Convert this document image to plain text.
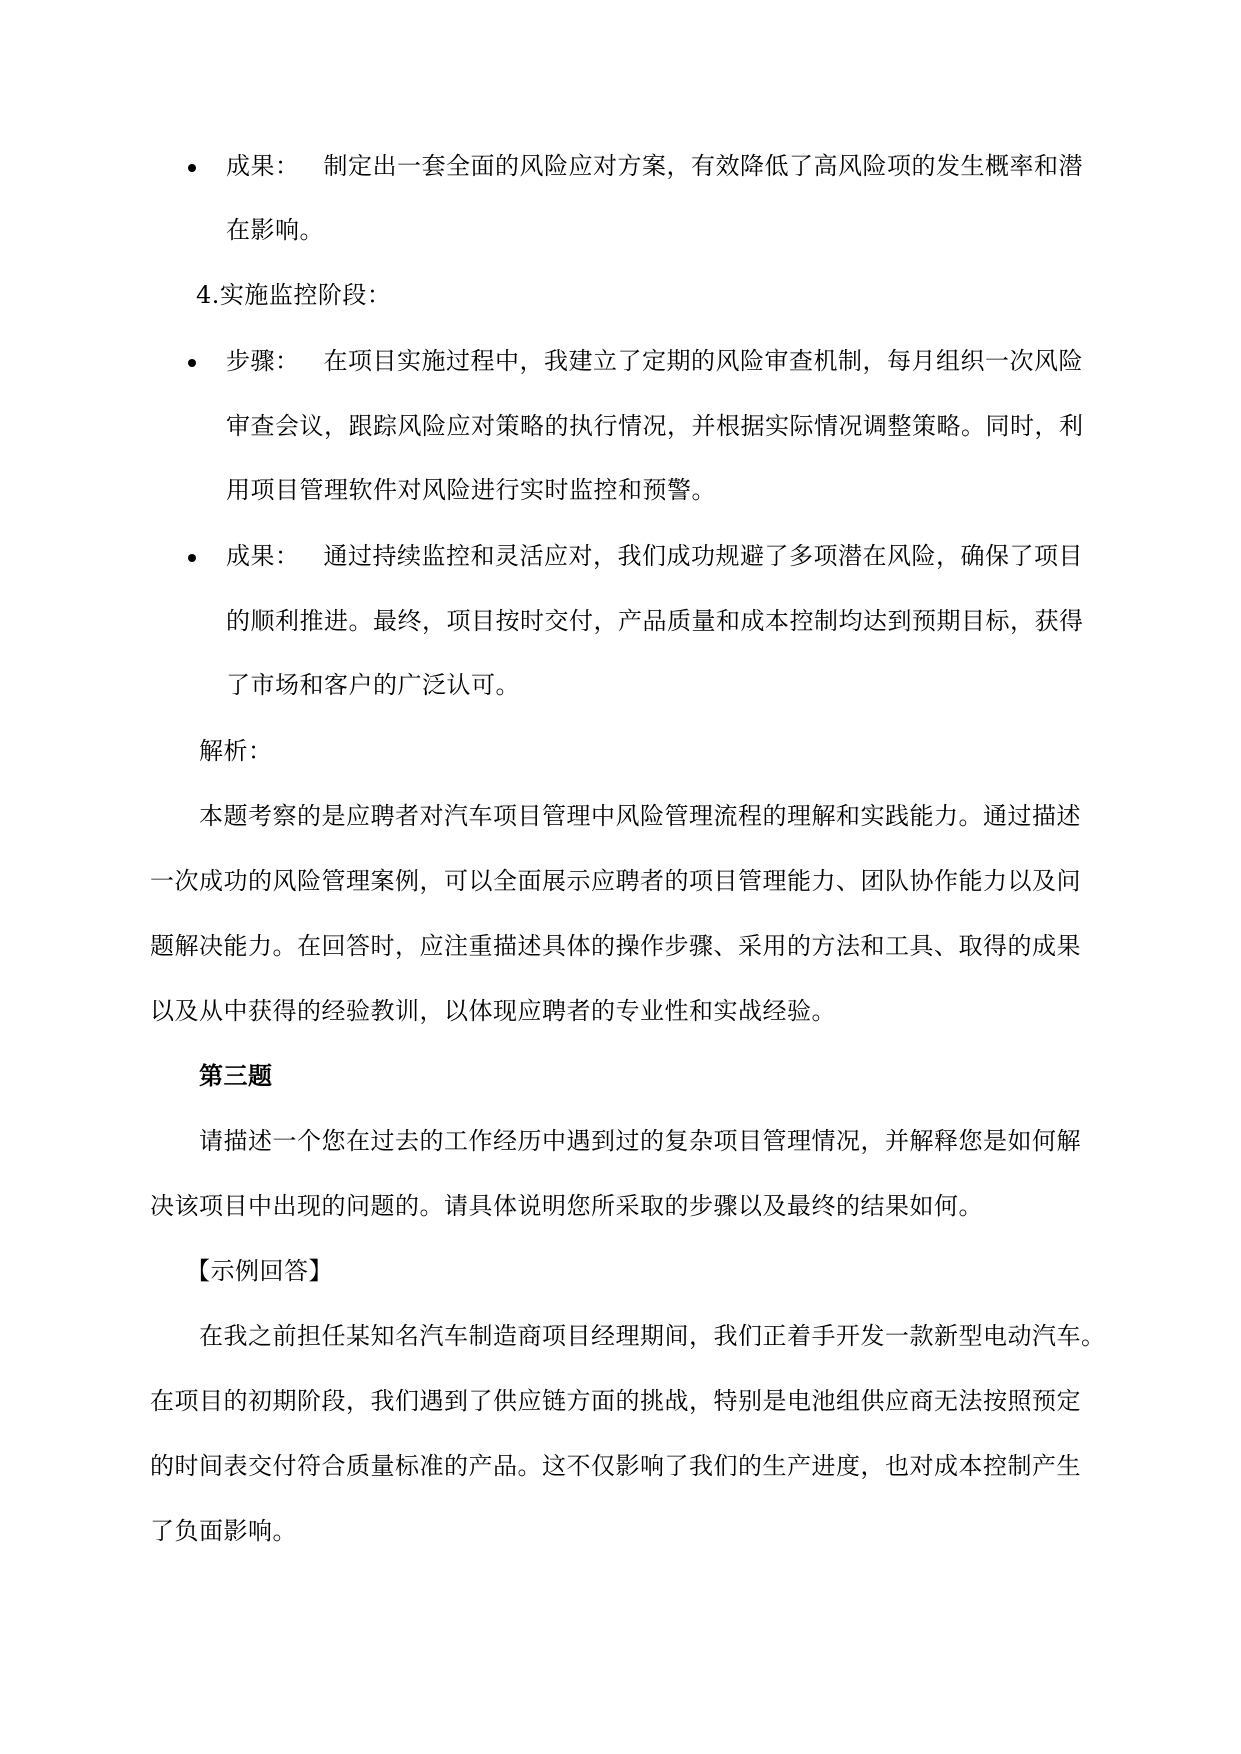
成果： 制定出一套全面的风险应对方案，有效降低了高风险项的发生概率和潜
在影响。
4.实施监控阶段：
步骤： 在项目实施过程中，我建立了定期的风险审查机制，每月组织一次风险
审查会议，跟踪风险应对策略的执行情况，并根据实际情况调整策略。同时，利
用项目管理软件对风险进行实时监控和预警。
成果： 通过持续监控和灵活应对，我们成功规避了多项潜在风险，确保了项目
的顺利推进。最终，项目按时交付，产品质量和成本控制均达到预期目标，获得
了市场和客户的广泛认可。
解析：
本题考察的是应聘者对汽车项目管理中风险管理流程的理解和实践能力。通过描述
一次成功的风险管理案例，可以全面展示应聘者的项目管理能力、团队协作能力以及问
题解决能力。在回答时，应注重描述具体的操作步骤、采用的方法和工具、取得的成果
以及从中获得的经验教训，以体现应聘者的专业性和实战经验。
第三题
请描述一个您在过去的工作经历中遇到过的复杂项目管理情况，并解释您是如何解
决该项目中出现的问题的。请具体说明您所采取的步骤以及最终的结果如何。
【示例回答】
在我之前担任某知名汽车制造商项目经理期间，我们正着手开发一款新型电动汽车。
在项目的初期阶段，我们遇到了供应链方面的挑战，特别是电池组供应商无法按照预定
的时间表交付符合质量标准的产品。这不仅影响了我们的生产进度，也对成本控制产生
了负面影响。
